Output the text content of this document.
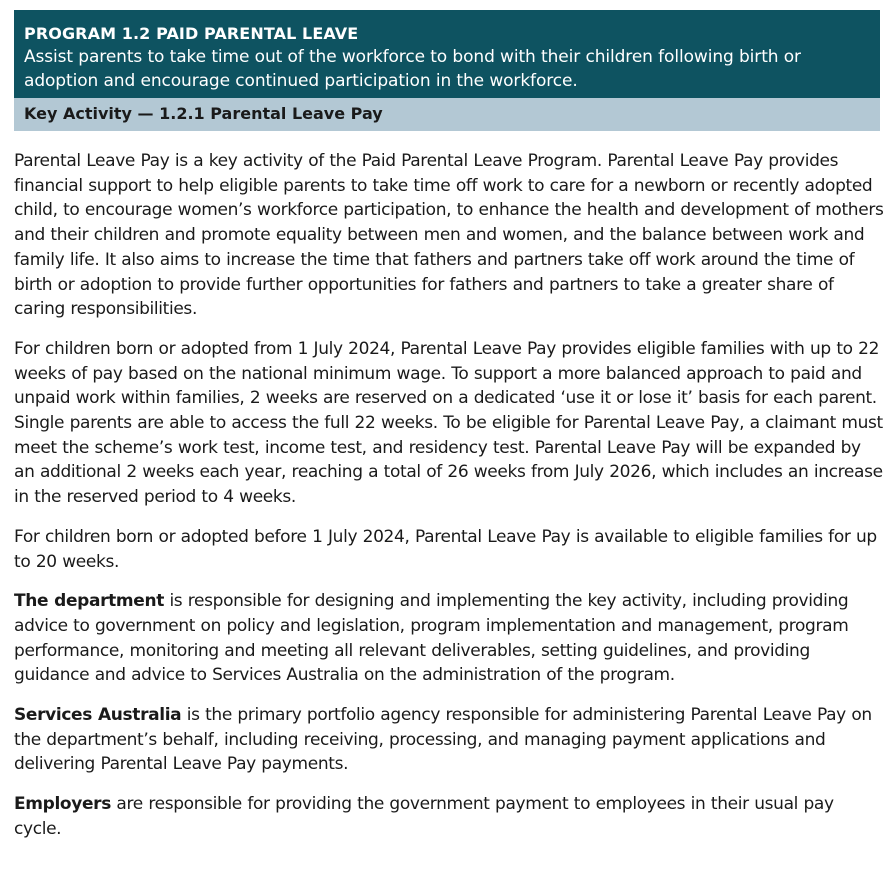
PROGRAM 1.2 PAID PARENTAL LEAVE
Assist parents to take time out of the workforce to bond with their children following birth or adoption and encourage continued participation in the workforce.
Key Activity — 1.2.1 Parental Leave Pay

Parental Leave Pay is a key activity of the Paid Parental Leave Program. Parental Leave Pay provides financial support to help eligible parents to take time off work to care for a newborn or recently adopted child, to encourage women’s workforce participation, to enhance the health and development of mothers and their children and promote equality between men and women, and the balance between work and family life. It also aims to increase the time that fathers and partners take off work around the time of birth or adoption to provide further opportunities for fathers and partners to take a greater share of caring responsibilities.

For children born or adopted from 1 July 2024, Parental Leave Pay provides eligible families with up to 22 weeks of pay based on the national minimum wage. To support a more balanced approach to paid and unpaid work within families, 2 weeks are reserved on a dedicated ‘use it or lose it’ basis for each parent. Single parents are able to access the full 22 weeks. To be eligible for Parental Leave Pay, a claimant must meet the scheme’s work test, income test, and residency test. Parental Leave Pay will be expanded by an additional 2 weeks each year, reaching a total of 26 weeks from July 2026, which includes an increase in the reserved period to 4 weeks.

For children born or adopted before 1 July 2024, Parental Leave Pay is available to eligible families for up to 20 weeks.

The department is responsible for designing and implementing the key activity, including providing advice to government on policy and legislation, program implementation and management, program performance, monitoring and meeting all relevant deliverables, setting guidelines, and providing guidance and advice to Services Australia on the administration of the program.

Services Australia is the primary portfolio agency responsible for administering Parental Leave Pay on the department’s behalf, including receiving, processing, and managing payment applications and delivering Parental Leave Pay payments.

Employers are responsible for providing the government payment to employees in their usual pay cycle.
